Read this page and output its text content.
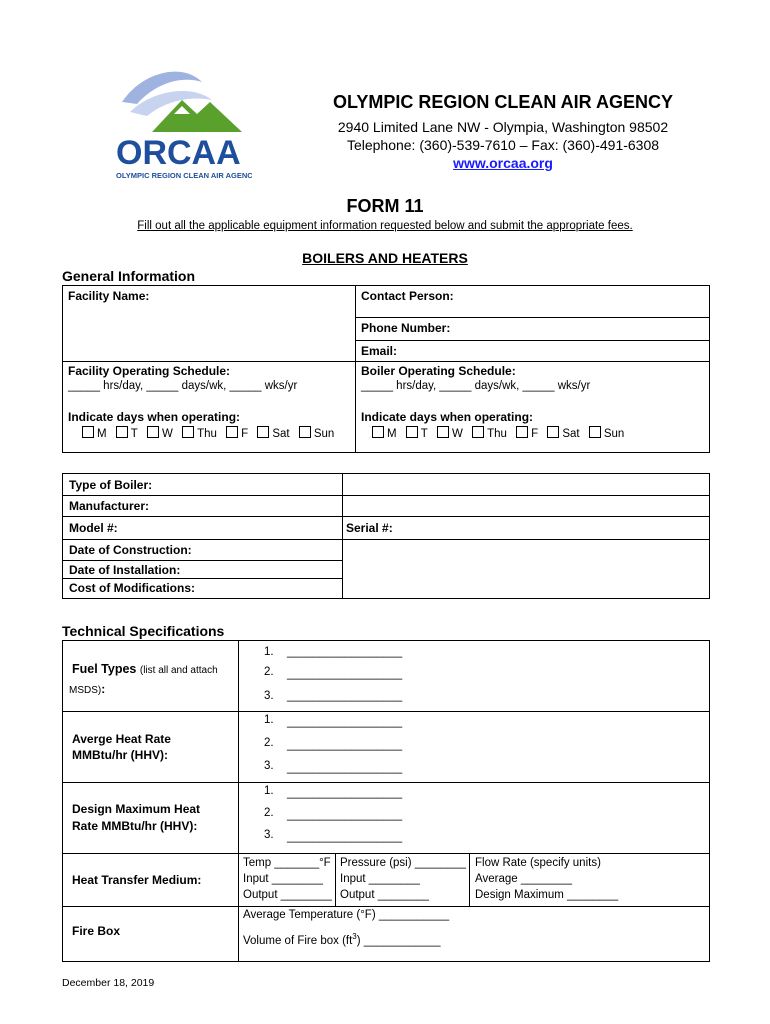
ORCAA
OLYMPIC REGION CLEAN AIR AGENCY
OLYMPIC REGION CLEAN AIR AGENCY
2940 Limited Lane NW - Olympia, Washington 98502
Telephone: (360)-539-7610 – Fax: (360)-491-6308
www.orcaa.org
FORM 11
Fill out all the applicable equipment information requested below and submit the appropriate fees.
BOILERS AND HEATERS
General Information
Facility Name:	Contact Person:
Phone Number:
Email:
Facility Operating Schedule:
_____ hrs/day, _____ days/wk, _____ wks/yr
Boiler Operating Schedule:
_____ hrs/day, _____ days/wk, _____ wks/yr
Indicate days when operating:
M T W Thu F Sat Sun
Indicate days when operating:
M T W Thu F Sat Sun
Type of Boiler:
Manufacturer:
Model #:	Serial #:
Date of Construction:
Date of Installation:
Cost of Modifications:
Technical Specifications
Fuel Types (list all and attach
MSDS):
1. __________________
2. __________________
3. __________________
Averge Heat Rate
MMBtu/hr (HHV):
1. __________________
2. __________________
3. __________________
Design Maximum Heat
Rate MMBtu/hr (HHV):
1. __________________
2. __________________
3. __________________
Heat Transfer Medium:
Temp _______°F
Input ________
Output ________
Pressure (psi) ________
Input ________
Output ________
Flow Rate (specify units)
Average ________
Design Maximum ________
Fire Box
Average Temperature (°F) ___________
Volume of Fire box $(ft^3)$ ____________
December 18, 2019
